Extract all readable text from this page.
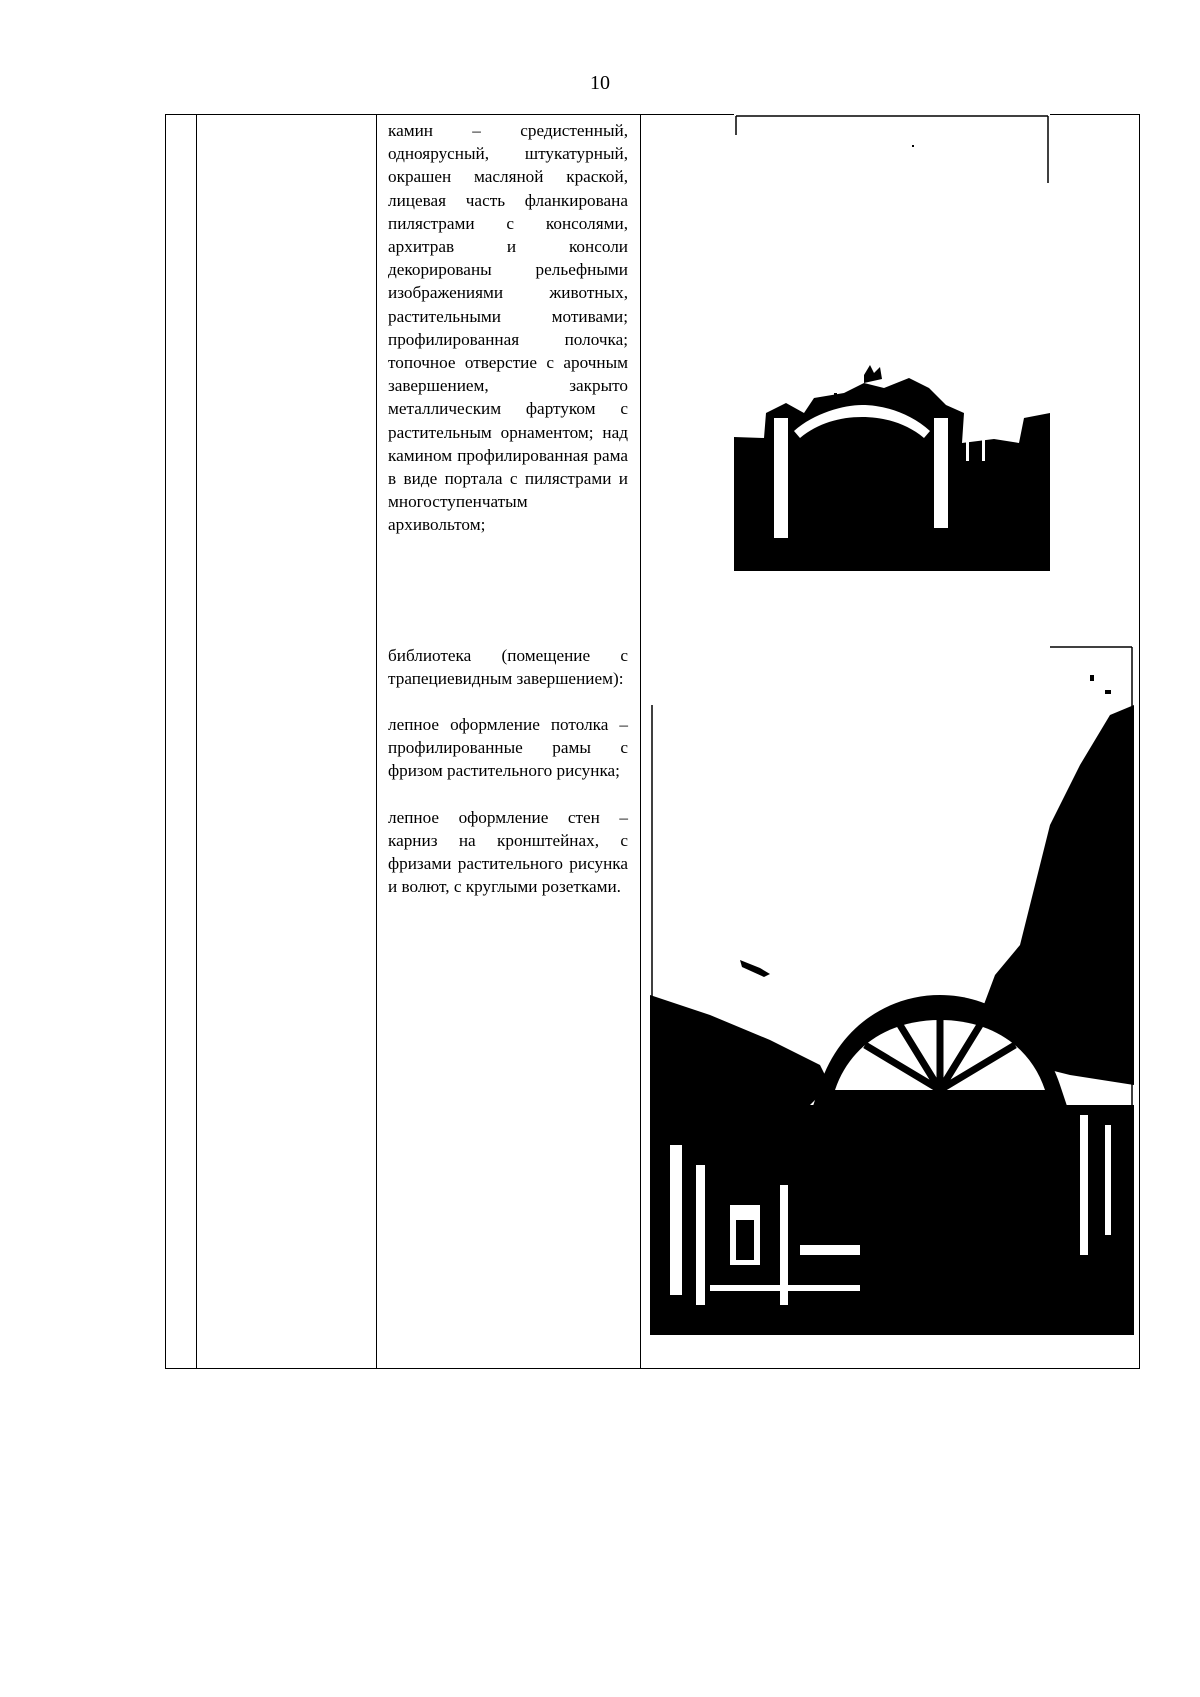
10

камин – средистенный, одноярусный, штукатурный, окрашен масляной краской, лицевая часть фланкирована пилястрами с консолями, архитрав и консоли декорированы рельефными изображениями животных, растительными мотивами; профилированная полочка; топочное отверстие с арочным завершением, закрыто металлическим фартуком с растительным орнаментом; над камином профилированная рама в виде портала с пилястрами и многоступенчатым архивольтом;

библиотека (помещение с трапециевидным завершением):

лепное оформление потолка – профилированные рамы с фризом растительного рисунка;

лепное оформление стен – карниз на кронштейнах, с фризами растительного рисунка и волют, с круглыми розетками.
